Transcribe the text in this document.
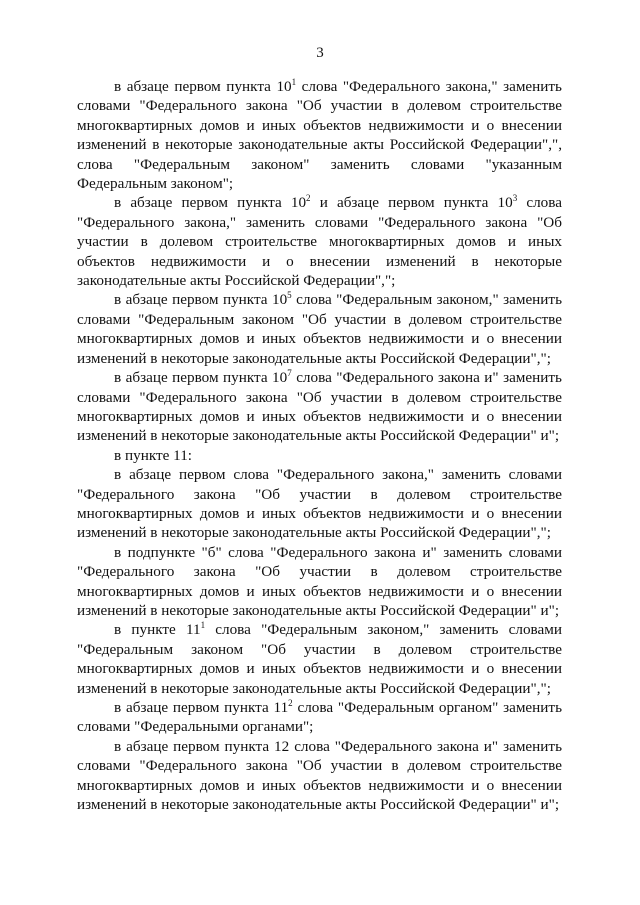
3

в абзаце первом пункта $10^1$ слова "Федерального закона," заменить словами "Федерального закона "Об участии в долевом строительстве многоквартирных домов и иных объектов недвижимости и о внесении изменений в некоторые законодательные акты Российской Федерации",", слова "Федеральным законом" заменить словами "указанным Федеральным законом";

в абзаце первом пункта $10^2$ и абзаце первом пункта $10^3$ слова "Федерального закона," заменить словами "Федерального закона "Об участии в долевом строительстве многоквартирных домов и иных объектов недвижимости и о внесении изменений в некоторые законодательные акты Российской Федерации",";

в абзаце первом пункта $10^5$ слова "Федеральным законом," заменить словами "Федеральным законом "Об участии в долевом строительстве многоквартирных домов и иных объектов недвижимости и о внесении изменений в некоторые законодательные акты Российской Федерации",";

в абзаце первом пункта $10^7$ слова "Федерального закона и" заменить словами "Федерального закона "Об участии в долевом строительстве многоквартирных домов и иных объектов недвижимости и о внесении изменений в некоторые законодательные акты Российской Федерации" и";

в пункте 11:

в абзаце первом слова "Федерального закона," заменить словами "Федерального закона "Об участии в долевом строительстве многоквартирных домов и иных объектов недвижимости и о внесении изменений в некоторые законодательные акты Российской Федерации",";

в подпункте "б" слова "Федерального закона и" заменить словами "Федерального закона "Об участии в долевом строительстве многоквартирных домов и иных объектов недвижимости и о внесении изменений в некоторые законодательные акты Российской Федерации" и";

в пункте $11^1$ слова "Федеральным законом," заменить словами "Федеральным законом "Об участии в долевом строительстве многоквартирных домов и иных объектов недвижимости и о внесении изменений в некоторые законодательные акты Российской Федерации",";

в абзаце первом пункта $11^2$ слова "Федеральным органом" заменить словами "Федеральными органами";

в абзаце первом пункта 12 слова "Федерального закона и" заменить словами "Федерального закона "Об участии в долевом строительстве многоквартирных домов и иных объектов недвижимости и о внесении изменений в некоторые законодательные акты Российской Федерации" и";
